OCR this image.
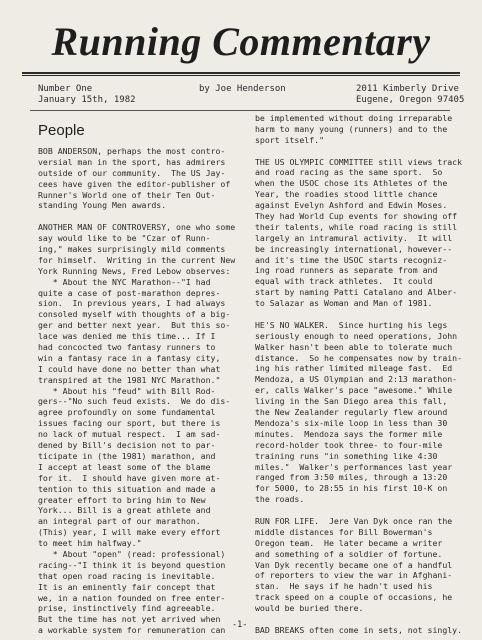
Running Commentary
Number One
January 15th, 1982
by Joe Henderson	2011 Kimberly Drive
Eugene, Oregon 97405
People
BOB ANDERSON, perhaps the most contro-
versial man in the sport, has admirers
outside of our community.  The US Jay-
cees have given the editor-publisher of
Runner's World one of their Ten Out-
standing Young Men awards.
ANOTHER MAN OF CONTROVERSY, one who some
say would like to be "Czar of Runn-
ing," makes surprisingly mild comments
for himself.  Writing in the current New
York Running News, Fred Lebow observes:
* About the NYC Marathon--"I had
quite a case of post-marathon depres-
sion.  In previous years, I had always
consoled myself with thoughts of a big-
ger and better next year.  But this so-
lace was denied me this time... If I
had concocted two fantasy runners to
win a fantasy race in a fantasy city,
I could have done no better than what
transpired at the 1981 NYC Marathon."
* About his "feud" with Bill Rod-
gers--"No such feud exists.  We do dis-
agree profoundly on some fundamental
issues facing our sport, but there is
no lack of mutual respect.  I am sad-
dened by Bill's decision not to par-
ticipate in (the 1981) marathon, and
I accept at least some of the blame
for it.  I should have given more at-
tention to this situation and made a
greater effort to bring him to New
York... Bill is a great athlete and
an integral part of our marathon.
(This) year, I will make every effort
to meet him halfway."
* About "open" (read: professional)
racing--"I think it is beyond question
that open road racing is inevitable.
It is an eminently fair concept that
we, in a nation founded on free enter-
prise, instinctively find agreeable.
But the time has not yet arrived when
a workable system for remuneration can
be implemented without doing irreparable
harm to many young (runners) and to the
sport itself."
THE US OLYMPIC COMMITTEE still views track
and road racing as the same sport.  So
when the USOC chose its Athletes of the
Year, the roadies stood little chance
against Evelyn Ashford and Edwin Moses.
They had World Cup events for showing off
their talents, while road racing is still
largely an intramural activity.  It will
be increasingly international, however--
and it's time the USOC starts recogniz-
ing road runners as separate from and
equal with track athletes.  It could
start by naming Patti Catalano and Alber-
to Salazar as Woman and Man of 1981.
HE'S NO WALKER.  Since hurting his legs
seriously enough to need operations, John
Walker hasn't been able to tolerate much
distance.  So he compensates now by train-
ing his rather limited mileage fast.  Ed
Mendoza, a US Olympian and 2:13 marathon-
er, calls Walker's pace "awesome." While
living in the San Diego area this fall,
the New Zealander regularly flew around
Mendoza's six-mile loop in less than 30
minutes.  Mendoza says the former mile
record-holder took three- to four-mile
training runs "in something like 4:30
miles."  Walker's performances last year
ranged from 3:50 miles, through a 13:20
for 5000, to 28:55 in his first 10-K on
the roads.
RUN FOR LIFE.  Jere Van Dyk once ran the
middle distances for Bill Bowerman's
Oregon team.  He later became a writer
and something of a soldier of fortune.
Van Dyk recently became one of a handful
of reporters to view the war in Afghani-
stan.  He says if he hadn't used his
track speed on a couple of occasions, he
would be buried there.
BAD BREAKS often come in sets, not singly.
-1-
